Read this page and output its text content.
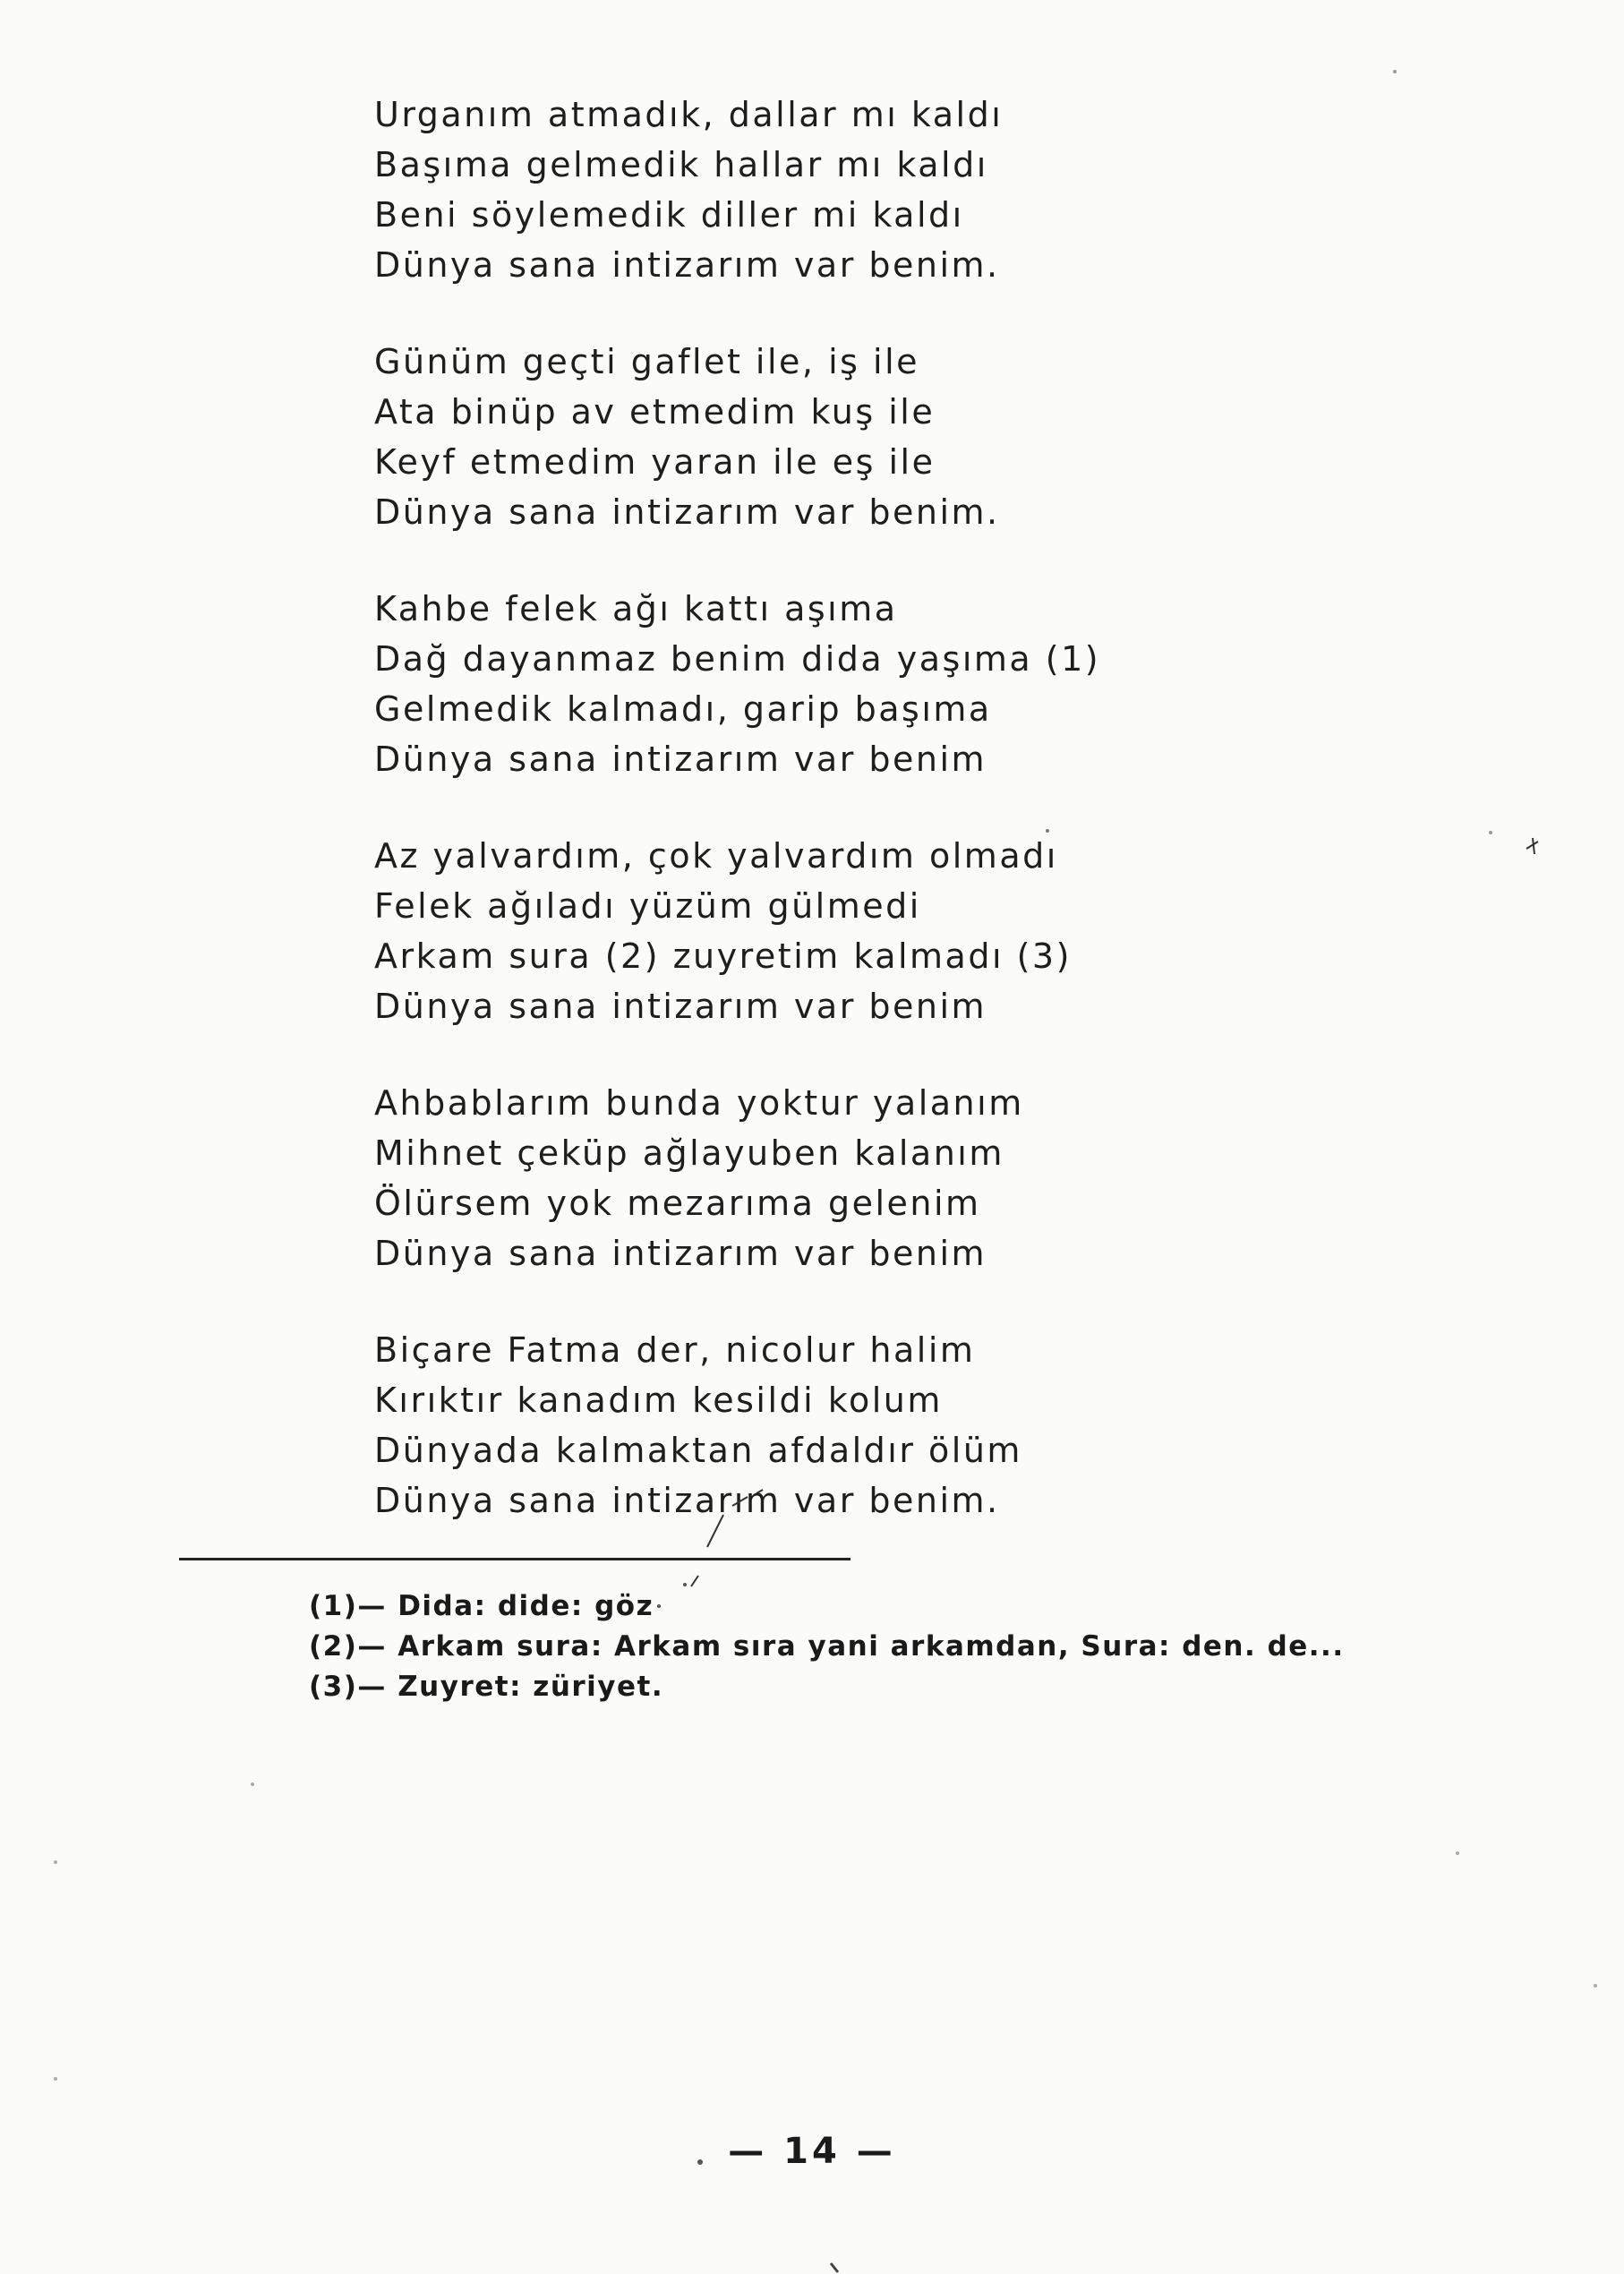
Urganım atmadık, dallar mı kaldı
Başıma gelmedik hallar mı kaldı
Beni söylemedik diller mi kaldı
Dünya sana intizarım var benim.
Günüm geçti gaflet ile, iş ile
Ata binüp av etmedim kuş ile
Keyf etmedim yaran ile eş ile
Dünya sana intizarım var benim.
Kahbe felek ağı kattı aşıma
Dağ dayanmaz benim dida yaşıma (1)
Gelmedik kalmadı, garip başıma
Dünya sana intizarım var benim
Az yalvardım, çok yalvardım olmadı
Felek ağıladı yüzüm gülmedi
Arkam sura (2) zuyretim kalmadı (3)
Dünya sana intizarım var benim
Ahbablarım bunda yoktur yalanım
Mihnet çeküp ağlayuben kalanım
Ölürsem yok mezarıma gelenim
Dünya sana intizarım var benim
Biçare Fatma der, nicolur halim
Kırıktır kanadım kesildi kolum
Dünyada kalmaktan afdaldır ölüm
Dünya sana intizarım var benim.
(1)— Dida: dide: göz
(2)— Arkam sura: Arkam sıra yani arkamdan, Sura: den. de...
(3)— Zuyret: züriyet.
— 14 —
